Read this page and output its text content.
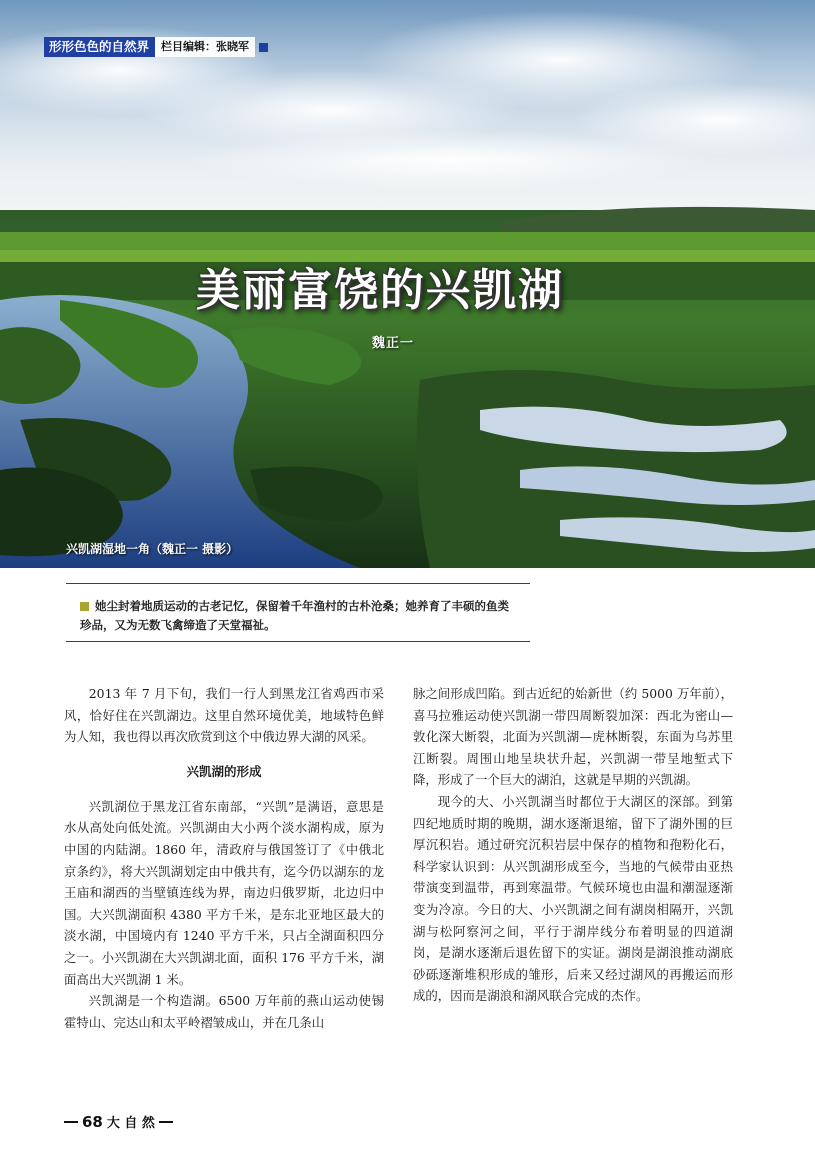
形形色色的自然界	栏目编辑：张晓军
美丽富饶的兴凯湖
魏正一
兴凯湖湿地一角（魏正一 摄影）
她尘封着地质运动的古老记忆，保留着千年渔村的古朴沧桑；她养育了丰硕的鱼类
珍品，又为无数飞禽缔造了天堂福祉。

2013 年 7 月下旬，我们一行人到黑龙江省鸡西市采风，恰好住在兴凯湖边。这里自然环境优美，地域特色鲜为人知，我也得以再次欣赏到这个中俄边界大湖的风采。

兴凯湖的形成

兴凯湖位于黑龙江省东南部，“兴凯”是满语，意思是水从高处向低处流。兴凯湖由大小两个淡水湖构成，原为中国的内陆湖。1860 年，清政府与俄国签订了《中俄北京条约》，将大兴凯湖划定由中俄共有，迄今仍以湖东的龙王庙和湖西的当壁镇连线为界，南边归俄罗斯，北边归中国。大兴凯湖面积 4380 平方千米，是东北亚地区最大的淡水湖，中国境内有 1240 平方千米，只占全湖面积四分之一。小兴凯湖在大兴凯湖北面，面积 176 平方千米，湖面高出大兴凯湖 1 米。

兴凯湖是一个构造湖。6500 万年前的燕山运动使锡霍特山、完达山和太平岭褶皱成山，并在几条山

脉之间形成凹陷。到古近纪的始新世（约 5000 万年前），喜马拉雅运动使兴凯湖一带四周断裂加深：西北为密山—敦化深大断裂，北面为兴凯湖—虎林断裂，东面为乌苏里江断裂。周围山地呈块状升起，兴凯湖一带呈地堑式下降，形成了一个巨大的湖泊，这就是早期的兴凯湖。

现今的大、小兴凯湖当时都位于大湖区的深部。到第四纪地质时期的晚期，湖水逐渐退缩，留下了湖外围的巨厚沉积岩。通过研究沉积岩层中保存的植物和孢粉化石，科学家认识到：从兴凯湖形成至今，当地的气候带由亚热带演变到温带，再到寒温带。气候环境也由温和潮湿逐渐变为冷凉。今日的大、小兴凯湖之间有湖岗相隔开，兴凯湖与松阿察河之间，平行于湖岸线分布着明显的四道湖岗，是湖水逐渐后退佐留下的实证。湖岗是湖浪推动湖底砂砾逐渐堆积形成的雏形，后来又经过湖风的再搬运而形成的，因而是湖浪和湖风联合完成的杰作。

68 大 自 然
